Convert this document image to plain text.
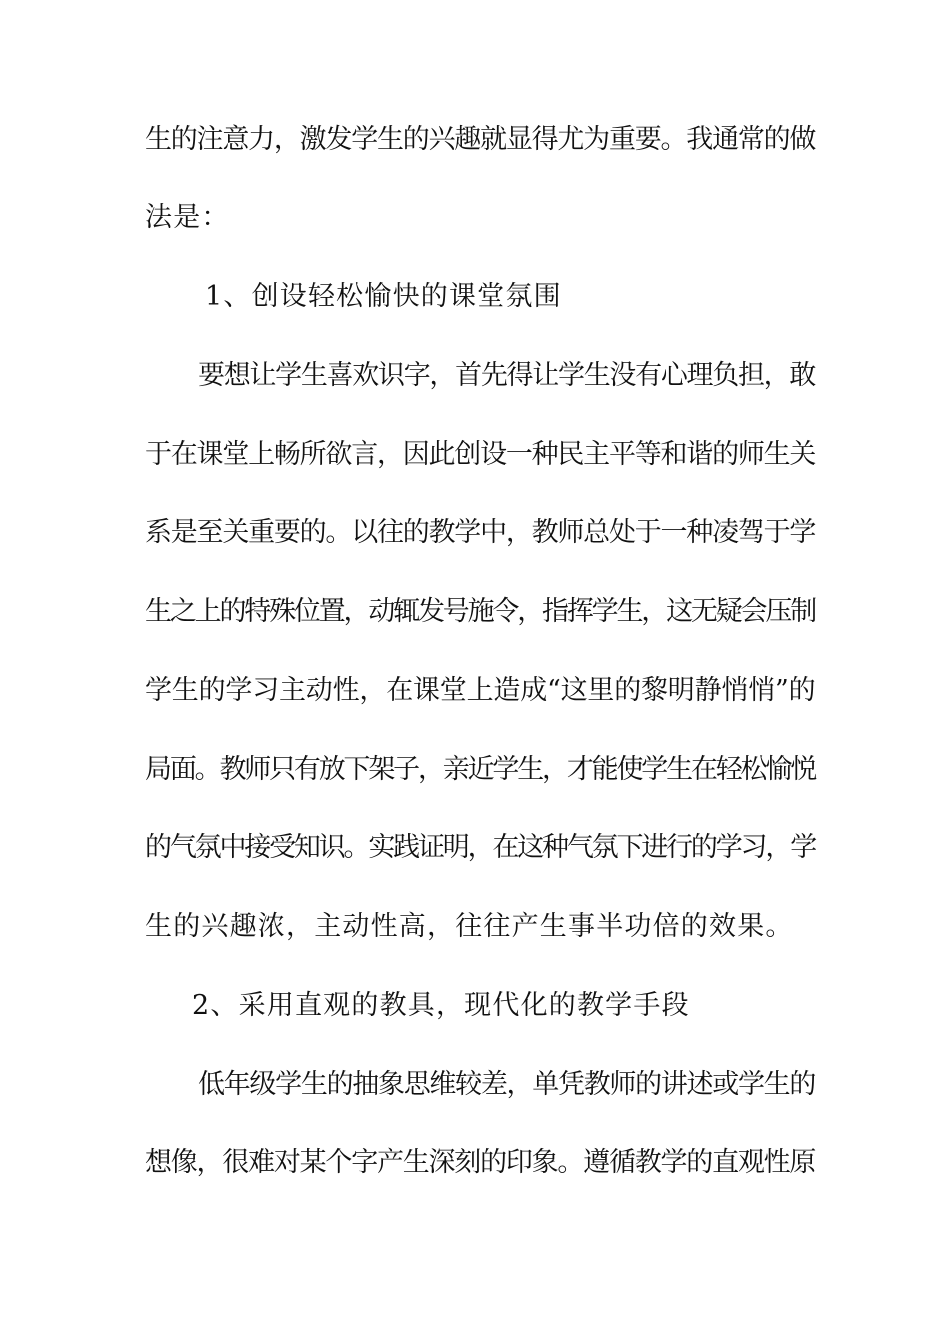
生的注意力，激发学生的兴趣就显得尤为重要。我通常的做
法是：
1、创设轻松愉快的课堂氛围
要想让学生喜欢识字，首先得让学生没有心理负担，敢
于在课堂上畅所欲言，因此创设一种民主平等和谐的师生关
系是至关重要的。以往的教学中，教师总处于一种凌驾于学
生之上的特殊位置，动辄发号施令，指挥学生，这无疑会压制
学生的学习主动性，在课堂上造成“这里的黎明静悄悄”的
局面。教师只有放下架子，亲近学生，才能使学生在轻松愉悦
的气氛中接受知识。实践证明，在这种气氛下进行的学习，学
生的兴趣浓，主动性高，往往产生事半功倍的效果。
2、采用直观的教具，现代化的教学手段
低年级学生的抽象思维较差，单凭教师的讲述或学生的
想像，很难对某个字产生深刻的印象。遵循教学的直观性原
